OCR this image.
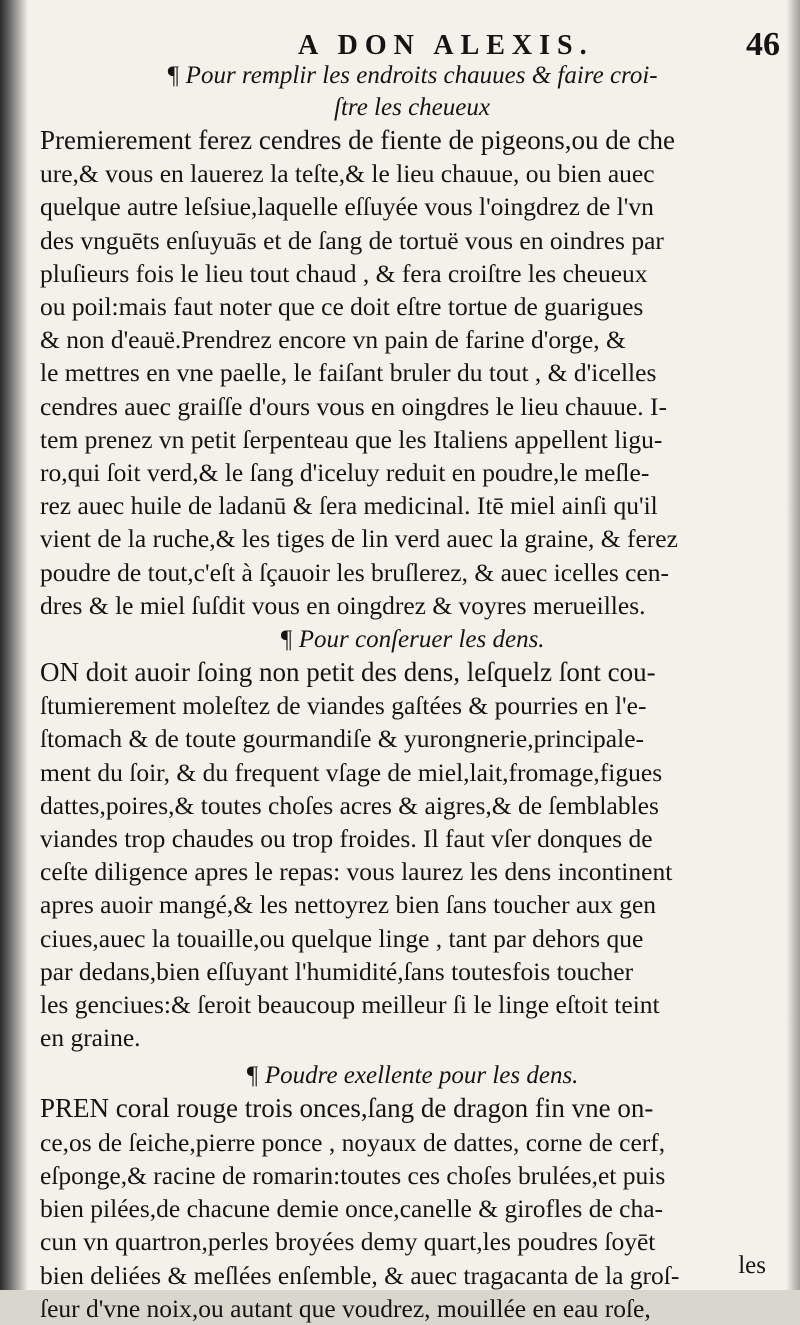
A DON ALEXIS.	46

¶ Pour remplir les endroits chauues & faire croi-
ſtre les cheueux

Premierement ferez cendres de fiente de pigeons,ou de che
ure,& vous en lauerez la teſte,& le lieu chauue, ou bien auec
quelque autre leſsiue,laquelle eſſuyée vous l'oingdrez de l'vn
des vnguēts enſuyuās et de ſang de tortuë vous en oindres par
pluſieurs fois le lieu tout chaud , & fera croiſtre les cheueux
ou poil:mais faut noter que ce doit eſtre tortue de guarigues
& non d'eauë.Prendrez encore vn pain de farine d'orge, &
le mettres en vne paelle, le faiſant bruler du tout , & d'icelles
cendres auec graiſſe d'ours vous en oingdres le lieu chauue. I-
tem prenez vn petit ſerpenteau que les Italiens appellent ligu-
ro,qui ſoit verd,& le ſang d'iceluy reduit en poudre,le meſle-
rez auec huile de ladanū & ſera medicinal. Itē miel ainſi qu'il
vient de la ruche,& les tiges de lin verd auec la graine, & ferez
poudre de tout,c'eſt à ſçauoir les bruſlerez, & auec icelles cen-
dres & le miel ſuſdit vous en oingdrez & voyres merueilles.

¶ Pour conſeruer les dens.

ON doit auoir ſoing non petit des dens, leſquelz ſont cou-
ſtumierement moleſtez de viandes gaſtées & pourries en l'e-
ſtomach & de toute gourmandiſe & yurongnerie,principale-
ment du ſoir, & du frequent vſage de miel,lait,fromage,figues
dattes,poires,& toutes choſes acres & aigres,& de ſemblables
viandes trop chaudes ou trop froides. Il faut vſer donques de
ceſte diligence apres le repas: vous laurez les dens incontinent
apres auoir mangé,& les nettoyrez bien ſans toucher aux gen
ciues,auec la touaille,ou quelque linge , tant par dehors que
par dedans,bien eſſuyant l'humidité,ſans toutesfois toucher
les genciues:& ſeroit beaucoup meilleur ſi le linge eſtoit teint
en graine.

¶ Poudre exellente pour les dens.

PREN coral rouge trois onces,ſang de dragon fin vne on-
ce,os de ſeiche,pierre ponce , noyaux de dattes, corne de cerf,
eſponge,& racine de romarin:toutes ces choſes brulées,et puis
bien pilées,de chacune demie once,canelle & girofles de cha-
cun vn quartron,perles broyées demy quart,les poudres ſoyēt
bien deliées & meſlées enſemble, & auec tragacanta de la groſ-
ſeur d'vne noix,ou autant que voudrez, mouillée en eau roſe,

les
